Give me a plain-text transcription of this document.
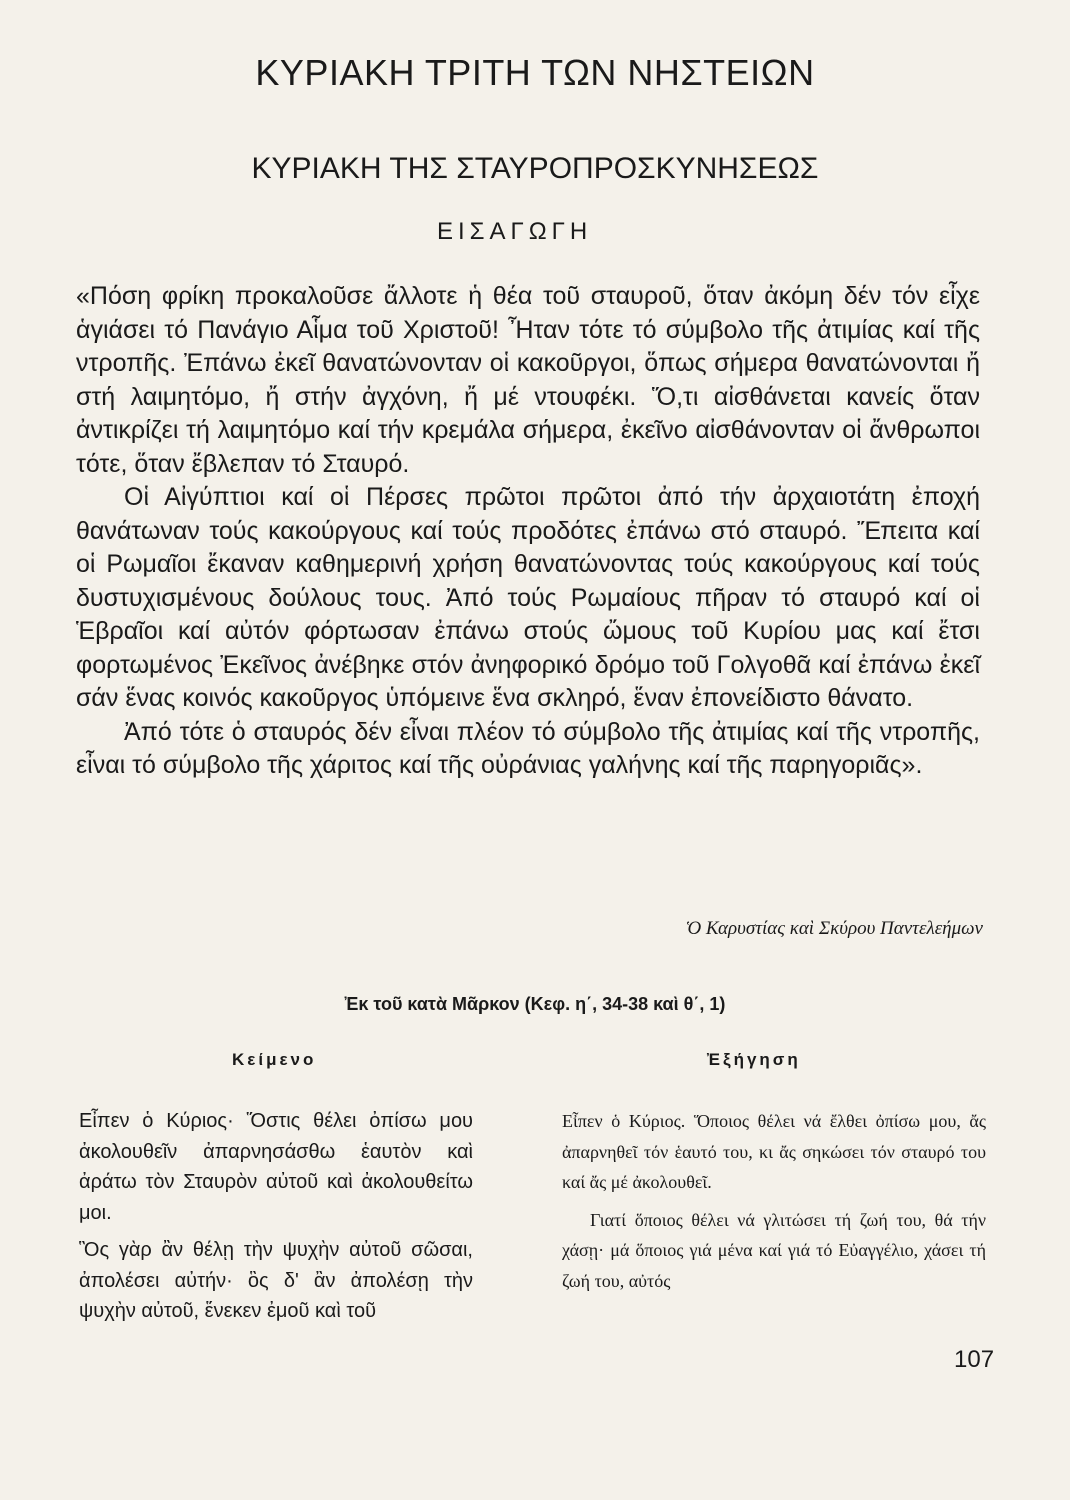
ΚΥΡΙΑΚΗ ΤΡΙΤΗ ΤΩΝ ΝΗΣΤΕΙΩΝ
ΚΥΡΙΑΚΗ ΤΗΣ ΣΤΑΥΡΟΠΡΟΣΚΥΝΗΣΕΩΣ
ΕΙΣΑΓΩΓΗ

«Πόση φρίκη προκαλοῦσε ἄλλοτε ἡ θέα τοῦ σταυροῦ, ὅταν ἀκόμη δέν τόν εἶχε ἁγιάσει τό Πανάγιο Αἷμα τοῦ Χριστοῦ! Ἦταν τότε τό σύμβολο τῆς ἀτιμίας καί τῆς ντροπῆς. Ἐπάνω ἐκεῖ θανατώνονταν οἱ κακοῦργοι, ὅπως σήμερα θανατώνονται ἤ στή λαιμητόμο, ἤ στήν ἀγχόνη, ἤ μέ ντουφέκι. Ὅ,τι αἰσθάνεται κανείς ὅταν ἀντικρίζει τή λαιμητόμο καί τήν κρεμάλα σήμερα, ἐκεῖνο αἰσθάνονταν οἱ ἄνθρωποι τότε, ὅταν ἔβλεπαν τό Σταυρό.

Οἱ Αἰγύπτιοι καί οἱ Πέρσες πρῶτοι πρῶτοι ἀπό τήν ἀρχαιοτάτη ἐποχή θανάτωναν τούς κακούργους καί τούς προδότες ἐπάνω στό σταυρό. Ἔπειτα καί οἱ Ρωμαῖοι ἔκαναν καθημερινή χρήση θανατώνοντας τούς κακούργους καί τούς δυστυχισμένους δούλους τους. Ἀπό τούς Ρωμαίους πῆραν τό σταυρό καί οἱ Ἑβραῖοι καί αὐτόν φόρτωσαν ἐπάνω στούς ὤμους τοῦ Κυρίου μας καί ἔτσι φορτωμένος Ἐκεῖνος ἀνέβηκε στόν ἀνηφορικό δρόμο τοῦ Γολγοθᾶ καί ἐπάνω ἐκεῖ σάν ἕνας κοινός κακοῦργος ὑπόμεινε ἕνα σκληρό, ἕναν ἐπονείδιστο θάνατο.

Ἀπό τότε ὁ σταυρός δέν εἶναι πλέον τό σύμβολο τῆς ἀτιμίας καί τῆς ντροπῆς, εἶναι τό σύμβολο τῆς χάριτος καί τῆς οὐράνιας γαλήνης καί τῆς παρηγοριᾶς».

Ὁ Καρυστίας καὶ Σκύρου Παντελεήμων

Ἐκ τοῦ κατὰ Μᾶρκον (Κεφ. η΄, 34-38 καὶ θ΄, 1)

Κείμενο	Ἐξήγηση

Εἶπεν ὁ Κύριος· Ὅστις θέλει ὀπίσω μου ἀκολουθεῖν ἀπαρνησάσθω ἑαυτὸν καὶ ἀράτω τὸν Σταυρὸν αὐτοῦ καὶ ἀκολουθείτω μοι.

Ὃς γὰρ ἂν θέλῃ τὴν ψυχὴν αὐτοῦ σῶσαι, ἀπολέσει αὐτήν· ὃς δ' ἂν ἀπολέσῃ τὴν ψυχὴν αὐτοῦ, ἕνεκεν ἐμοῦ καὶ τοῦ

Εἶπεν ὁ Κύριος. Ὅποιος θέλει νά ἔλθει ὀπίσω μου, ἄς ἀπαρνηθεῖ τόν ἑαυτό του, κι ἄς σηκώσει τόν σταυρό του καί ἄς μέ ἀκολουθεῖ.

Γιατί ὅποιος θέλει νά γλιτώσει τή ζωή του, θά τήν χάσῃ· μά ὅποιος γιά μένα καί γιά τό Εὐαγγέλιο, χάσει τή ζωή του, αὐτός

107
